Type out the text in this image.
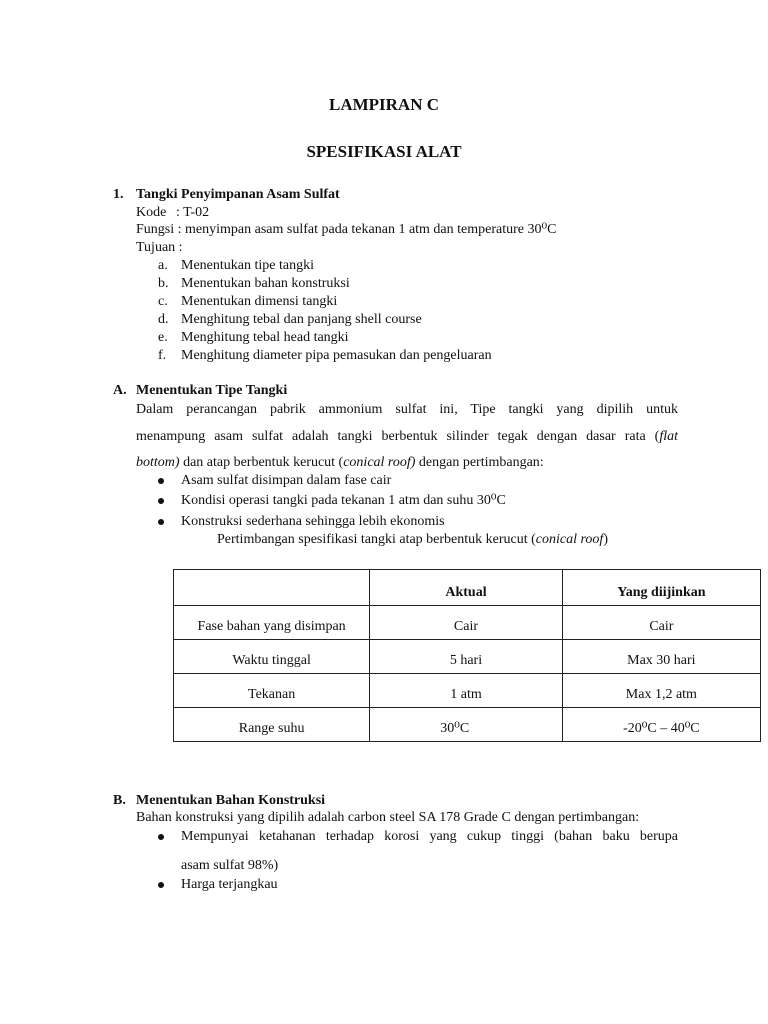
LAMPIRAN C
SPESIFIKASI ALAT
1. Tangki Penyimpanan Asam Sulfat
Kode : T-02
Fungsi : menyimpan asam sulfat pada tekanan 1 atm dan temperature 30⁰C
Tujuan :
a. Menentukan tipe tangki
b. Menentukan bahan konstruksi
c. Menentukan dimensi tangki
d. Menghitung tebal dan panjang shell course
e. Menghitung tebal head tangki
f. Menghitung diameter pipa pemasukan dan pengeluaran
A. Menentukan Tipe Tangki
Dalam perancangan pabrik ammonium sulfat ini, Tipe tangki yang dipilih untuk
menampung asam sulfat adalah tangki berbentuk silinder tegak dengan dasar rata (flat
bottom) dan atap berbentuk kerucut (conical roof) dengan pertimbangan:
Asam sulfat disimpan dalam fase cair
Kondisi operasi tangki pada tekanan 1 atm dan suhu 30⁰C
Konstruksi sederhana sehingga lebih ekonomis
Pertimbangan spesifikasi tangki atap berbentuk kerucut (conical roof)
	Aktual	Yang diijinkan
Fase bahan yang disimpan	Cair	Cair
Waktu tinggal	5 hari	Max 30 hari
Tekanan	1 atm	Max 1,2 atm
Range suhu	30⁰C	-20⁰C – 40⁰C
B. Menentukan Bahan Konstruksi
Bahan konstruksi yang dipilih adalah carbon steel SA 178 Grade C dengan pertimbangan:
Mempunyai ketahanan terhadap korosi yang cukup tinggi (bahan baku berupa
asam sulfat 98%)
Harga terjangkau
